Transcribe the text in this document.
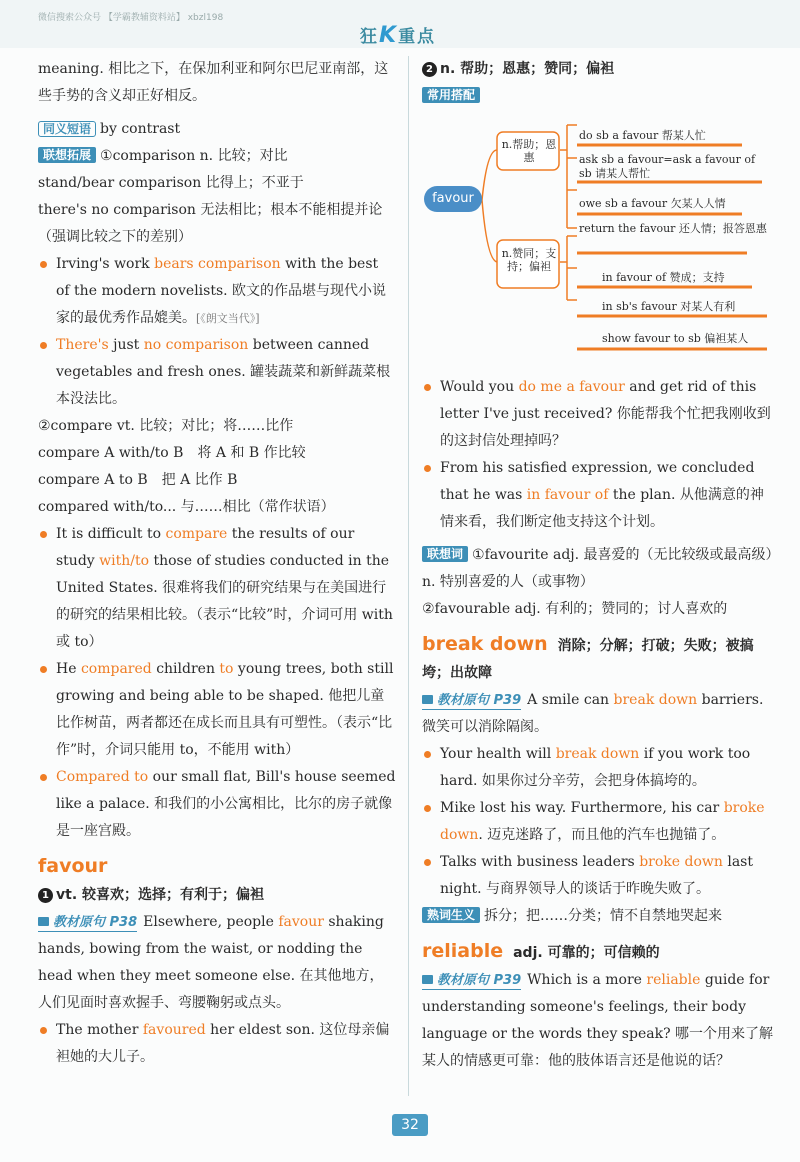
微信搜索公众号 【学霸教辅资料站】 xbzl198
狂K重点

meaning. 相比之下，在保加利亚和阿尔巴尼亚南部，这些手势的含义却正好相反。

同义短语 by contrast

联想拓展 ①comparison n. 比较；对比

stand/bear comparison 比得上；不亚于

there's no comparison 无法相比；根本不能相提并论（强调比较之下的差别）

Irving's work bears comparison with the best of the modern novelists. 欧文的作品堪与现代小说家的最优秀作品媲美。[《朗文当代》]

There's just no comparison between canned vegetables and fresh ones. 罐装蔬菜和新鲜蔬菜根本没法比。

②compare vt. 比较；对比；将……比作

compare A with/to B　将 A 和 B 作比较

compare A to B　把 A 比作 B

compared with/to... 与……相比（常作状语）

It is difficult to compare the results of our study with/to those of studies conducted in the United States. 很难将我们的研究结果与在美国进行的研究的结果相比较。（表示“比较”时，介词可用 with 或 to）

He compared children to young trees, both still growing and being able to be shaped. 他把儿童比作树苗，两者都还在成长而且具有可塑性。（表示“比作”时，介词只能用 to，不能用 with）

Compared to our small flat, Bill's house seemed like a palace. 和我们的小公寓相比，比尔的房子就像是一座宫殿。

favour

1 vt. 较喜欢；选择；有利于；偏袒

教材原句 P38 Elsewhere, people favour shaking hands, bowing from the waist, or nodding the head when they meet someone else. 在其他地方，人们见面时喜欢握手、弯腰鞠躬或点头。

The mother favoured her eldest son. 这位母亲偏袒她的大儿子。

2 n. 帮助；恩惠；赞同；偏袒

常用搭配

favour
n.帮助；恩惠
n.赞同；支持；偏袒
do sb a favour 帮某人忙
ask sb a favour=ask a favour of sb 请某人帮忙
owe sb a favour 欠某人人情
return the favour 还人情；报答恩惠
in favour of 赞成；支持
in sb's favour 对某人有利
show favour to sb 偏袒某人

Would you do me a favour and get rid of this letter I've just received? 你能帮我个忙把我刚收到的这封信处理掉吗？

From his satisfied expression, we concluded that he was in favour of the plan. 从他满意的神情来看，我们断定他支持这个计划。

联想词 ①favourite adj. 最喜爱的（无比较级或最高级）n. 特别喜爱的人（或事物）

②favourable adj. 有利的；赞同的；讨人喜欢的

break down 消除；分解；打破；失败；被搞垮；出故障

教材原句 P39 A smile can break down barriers. 微笑可以消除隔阂。

Your health will break down if you work too hard. 如果你过分辛劳，会把身体搞垮的。

Mike lost his way. Furthermore, his car broke down. 迈克迷路了，而且他的汽车也抛锚了。

Talks with business leaders broke down last night. 与商界领导人的谈话于昨晚失败了。

熟词生义 拆分；把……分类；情不自禁地哭起来

reliable adj. 可靠的；可信赖的

教材原句 P39 Which is a more reliable guide for understanding someone's feelings, their body language or the words they speak? 哪一个用来了解某人的情感更可靠：他的肢体语言还是他说的话？

32
